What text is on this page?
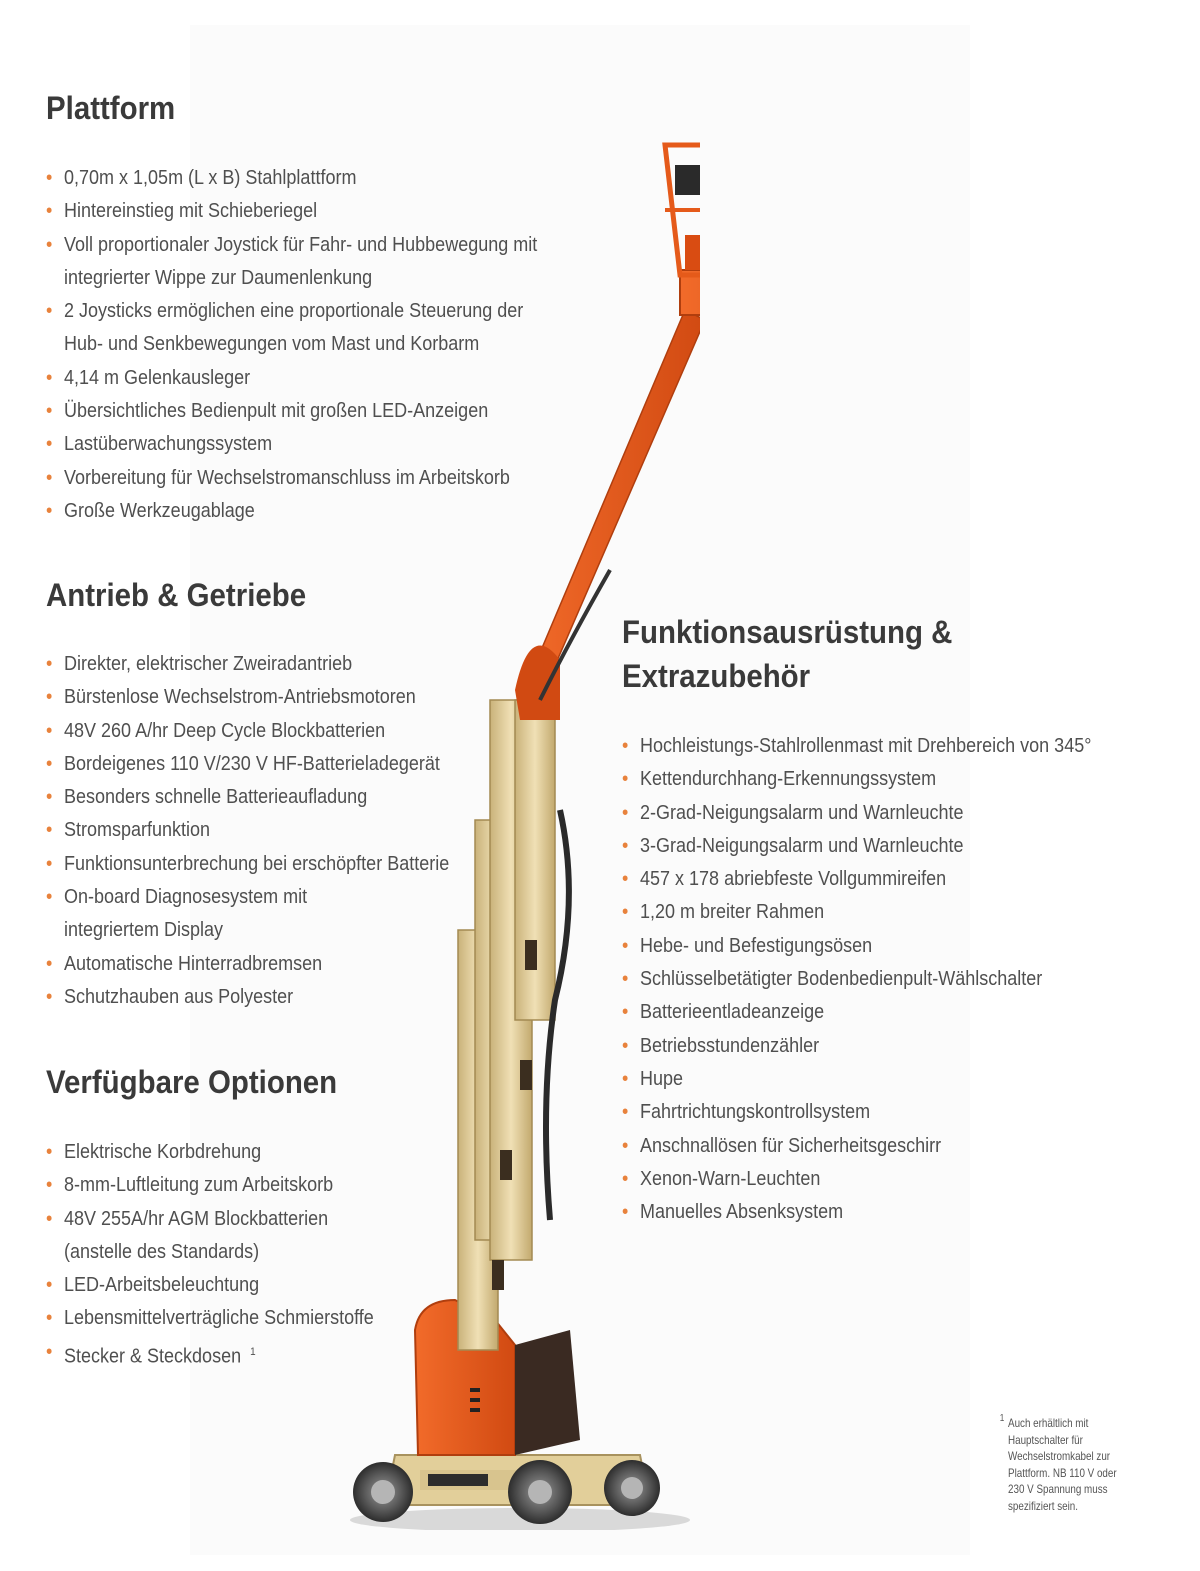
Plattform
• 0,70m x 1,05m (L x B) Stahlplattform
• Hintereinstieg mit Schieberiegel
• Voll proportionaler Joystick für Fahr- und Hubbewegung mit
integrierter Wippe zur Daumenlenkung
• 2 Joysticks ermöglichen eine proportionale Steuerung der
Hub- und Senkbewegungen vom Mast und Korbarm
• 4,14 m Gelenkausleger
• Übersichtliches Bedienpult mit großen LED-Anzeigen
• Lastüberwachungssystem
• Vorbereitung für Wechselstromanschluss im Arbeitskorb
• Große Werkzeugablage
Antrieb & Getriebe
• Direkter, elektrischer Zweiradantrieb
• Bürstenlose Wechselstrom-Antriebsmotoren
• 48V 260 A/hr Deep Cycle Blockbatterien
• Bordeigenes 110 V/230 V HF-Batterieladegerät
• Besonders schnelle Batterieaufladung
• Stromsparfunktion
• Funktionsunterbrechung bei erschöpfter Batterie
• On-board Diagnosesystem mit
integriertem Display
• Automatische Hinterradbremsen
• Schutzhauben aus Polyester
Verfügbare Optionen
• Elektrische Korbdrehung
• 8-mm-Luftleitung zum Arbeitskorb
• 48V 255A/hr AGM Blockbatterien
(anstelle des Standards)
• LED-Arbeitsbeleuchtung
• Lebensmittelverträgliche Schmierstoffe
• Stecker & Steckdosen $^1$
Funktionsausrüstung &
Extrazubehör
• Hochleistungs-Stahlrollenmast mit Drehbereich von 345°
• Kettendurchhang-Erkennungssystem
• 2-Grad-Neigungsalarm und Warnleuchte
• 3-Grad-Neigungsalarm und Warnleuchte
• 457 x 178 abriebfeste Vollgummireifen
• 1,20 m breiter Rahmen
• Hebe- und Befestigungsösen
• Schlüsselbetätigter Bodenbedienpult-Wählschalter
• Batterieentladeanzeige
• Betriebsstundenzähler
• Hupe
• Fahrtrichtungskontrollsystem
• Anschnallösen für Sicherheitsgeschirr
• Xenon-Warn-Leuchten
• Manuelles Absenksystem
1 Auch erhältlich mit
Hauptschalter für
Wechselstromkabel zur
Plattform. NB 110 V oder
230 V Spannung muss
spezifiziert sein.
